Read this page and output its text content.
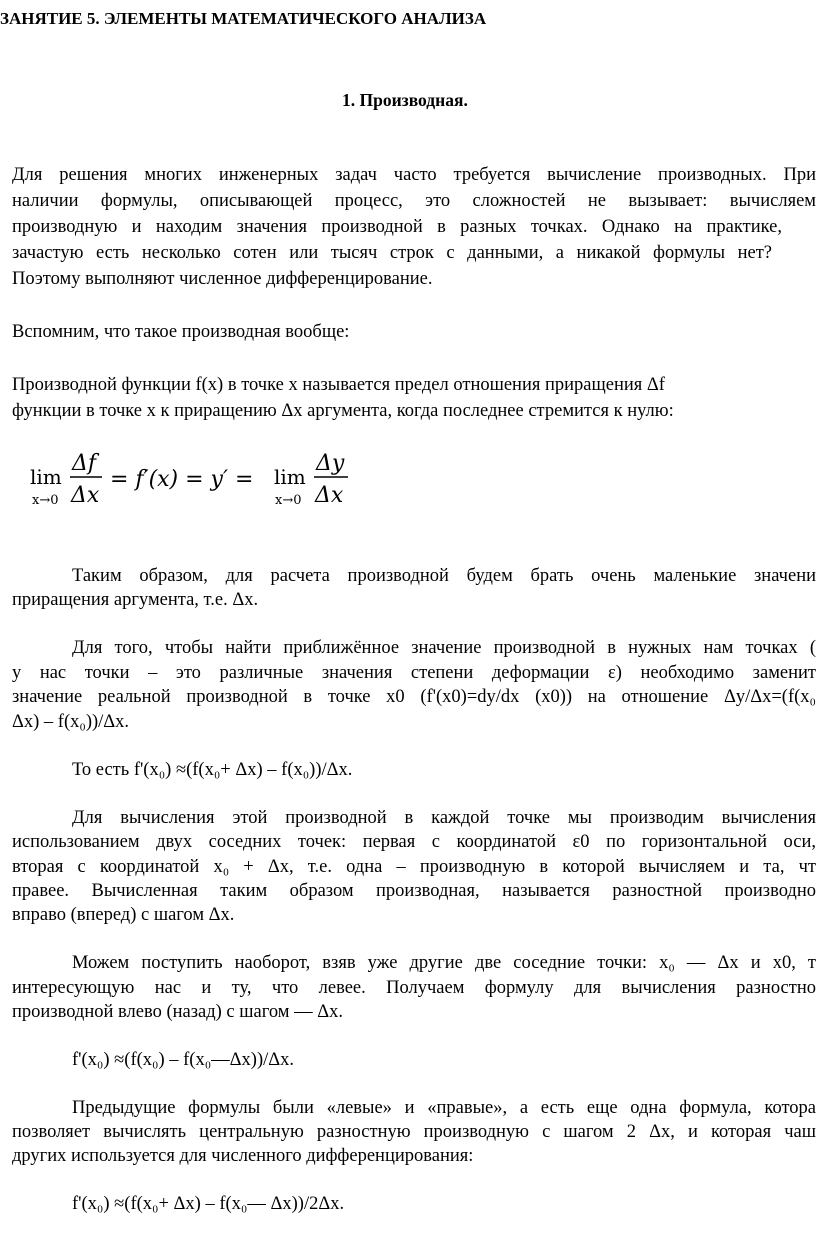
ЗАНЯТИЕ 5. ЭЛЕМЕНТЫ МАТЕМАТИЧЕСКОГО АНАЛИЗА
1. Производная.
Для решения многих инженерных задач часто требуется вычисление производных. При
наличии формулы, описывающей процесс, это сложностей не вызывает: вычисляем
производную и находим значения производной в разных точках. Однако на практике,
зачастую есть несколько сотен или тысяч строк с данными, а никакой формулы нет?
Поэтому выполняют численное дифференцирование.
Вспомним, что такое производная вообще:
Производной функции f(x) в точке x называется предел отношения приращения Δf
функции в точке x к приращению Δx аргумента, когда последнее стремится к нулю:
lim
x→0
Δf
Δx
= f′(x) = y′ = lim
x→0
Δy
Δx
Таким образом, для расчета производной будем брать очень маленькие значени
приращения аргумента, т.е. Δx.
Для того, чтобы найти приближённое значение производной в нужных нам точках (
у нас точки – это различные значения степени деформации ε) необходимо заменит
значение реальной производной в точке x0 (f'(x0)=dy/dx (x0)) на отношение Δy/Δx=(f(x₀
Δx) – f(x₀))/Δx.
То есть f'(x₀) ≈(f(x₀+ Δx) – f(x₀))/Δx.
Для вычисления этой производной в каждой точке мы производим вычисления
использованием двух соседних точек: первая с координатой ε0 по горизонтальной оси,
вторая с координатой x₀ + Δx, т.е. одна – производную в которой вычисляем и та, чт
правее. Вычисленная таким образом производная, называется разностной производно
вправо (вперед) с шагом Δx.
Можем поступить наоборот, взяв уже другие две соседние точки: x₀ — Δx и x0, т
интересующую нас и ту, что левее. Получаем формулу для вычисления разностно
производной влево (назад) с шагом — Δx.
f'(x₀) ≈(f(x₀) – f(x₀—Δx))/Δx.
Предыдущие формулы были «левые» и «правые», а есть еще одна формула, котора
позволяет вычислять центральную разностную производную с шагом 2 Δx, и которая чаш
других используется для численного дифференцирования:
f'(x₀) ≈(f(x₀+ Δx) – f(x₀— Δx))/2Δx.
